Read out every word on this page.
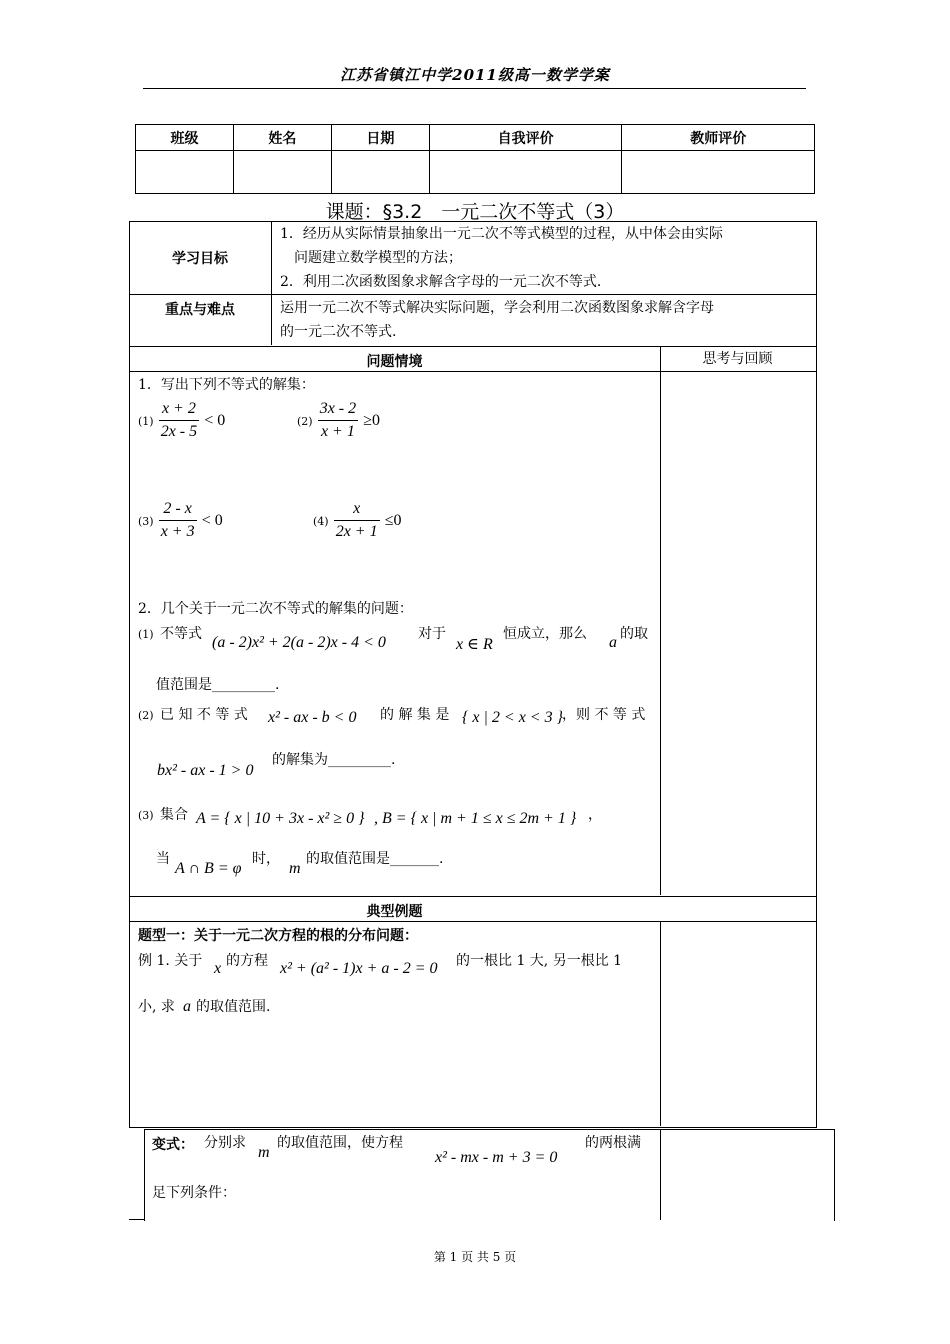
江苏省镇江中学2011级高一数学学案
班级	姓名	日期	自我评价	教师评价

课题：§3.2　一元二次不等式（3）
学习目标
1．经历从实际情景抽象出一元二次不等式模型的过程，从中体会由实际
问题建立数学模型的方法；
2．利用二次函数图象求解含字母的一元二次不等式.
重点与难点	运用一元二次不等式解决实际问题，学会利用二次函数图象求解含字母
的一元二次不等式.
问题情境	思考与回顾
1．写出下列不等式的解集：
$(1) \frac{x + 2}{2x - 5} < 0$	$(2) \frac{3x - 2}{x + 1} \ge 0$
$(3) \frac{2 - x}{x + 3} < 0$	$(4) \frac{x}{2x + 1} \le 0$
2．几个关于一元二次不等式的解集的问题：
(1) 不等式 (a - 2)x² + 2(a - 2)x - 4 < 0 对于
x ∈ R
恒成立，那么 a 的取
值范围是_________.
(2) 已 知 不 等 式 x² - ax - b < 0 的 解 集 是 { x | 2 < x < 3 } ，则 不 等 式
bx² - ax - 1 > 0
的解集为_________.
(3) 集合 A = { x | 10 + 3x - x² ≥ 0 } , B = { x | m + 1 ≤ x ≤ 2m + 1 } ，
当
A ∩ B = φ
时，
m
的取值范围是_______.
典型例题
题型一：关于一元二次方程的根的分布问题：
例 1. 关于 x 的方程 x² + (a² - 1)x + a - 2 = 0 的一根比 1 大, 另一根比 1
小, 求 a 的取值范围.
变式： 分别求
m
的取值范围，使方程
x² - mx - m + 3 = 0
的两根满
足下列条件：
第 1 页 共 5 页
